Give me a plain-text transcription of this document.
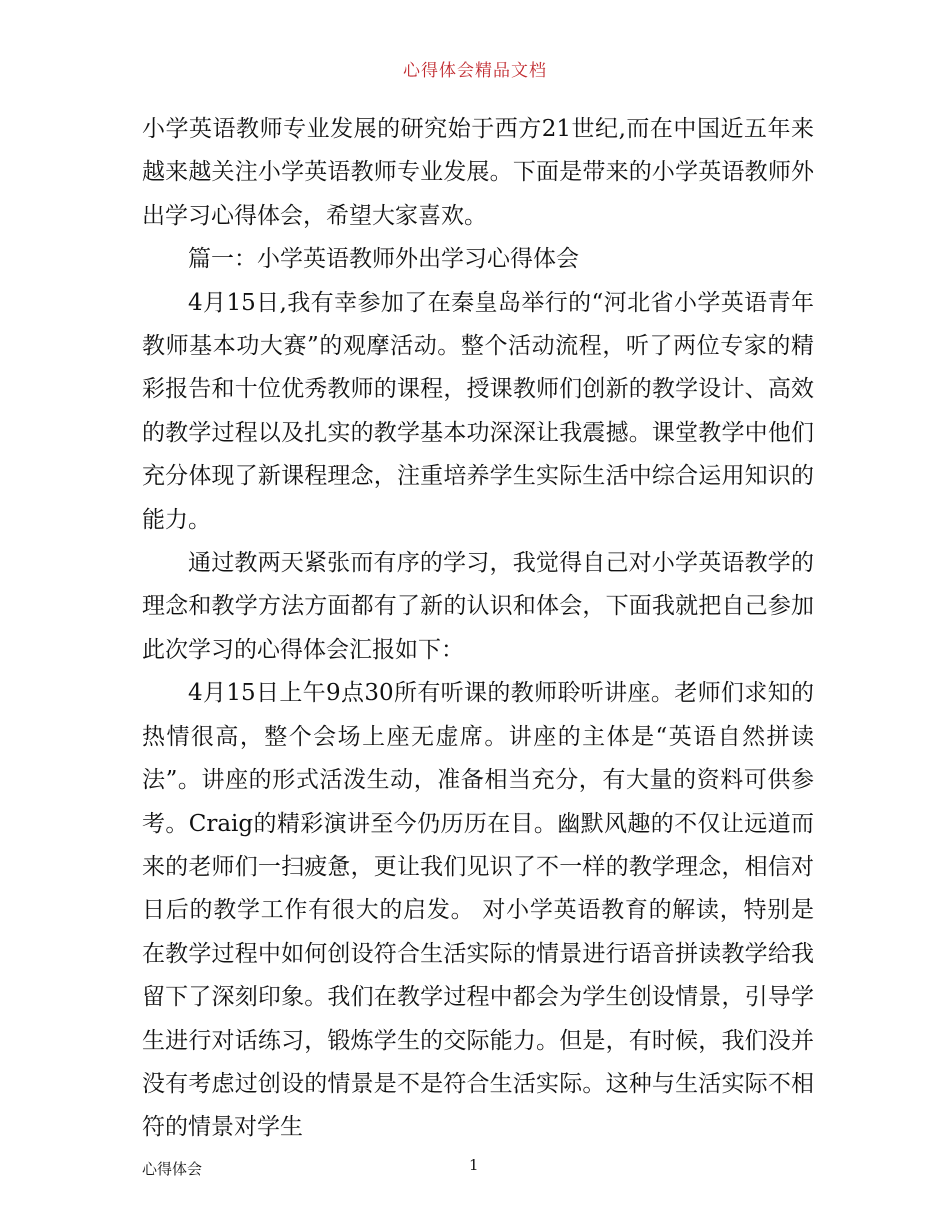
心得体会精品文档

小学英语教师专业发展的研究始于西方21世纪,而在中国近五年来越来越关注小学英语教师专业发展。下面是带来的小学英语教师外出学习心得体会，希望大家喜欢。

篇一：小学英语教师外出学习心得体会

4月15日,我有幸参加了在秦皇岛举行的“河北省小学英语青年教师基本功大赛”的观摩活动。整个活动流程，听了两位专家的精彩报告和十位优秀教师的课程，授课教师们创新的教学设计、高效的教学过程以及扎实的教学基本功深深让我震撼。课堂教学中他们充分体现了新课程理念，注重培养学生实际生活中综合运用知识的能力。

通过教两天紧张而有序的学习，我觉得自己对小学英语教学的理念和教学方法方面都有了新的认识和体会，下面我就把自己参加此次学习的心得体会汇报如下：

4月15日上午9点30所有听课的教师聆听讲座。老师们求知的热情很高，整个会场上座无虚席。讲座的主体是“英语自然拼读法”。讲座的形式活泼生动，准备相当充分，有大量的资料可供参考。Craig的精彩演讲至今仍历历在目。幽默风趣的不仅让远道而来的老师们一扫疲惫，更让我们见识了不一样的教学理念，相信对日后的教学工作有很大的启发。 对小学英语教育的解读，特别是在教学过程中如何创设符合生活实际的情景进行语音拼读教学给我留下了深刻印象。我们在教学过程中都会为学生创设情景，引导学生进行对话练习，锻炼学生的交际能力。但是，有时候，我们没并没有考虑过创设的情景是不是符合生活实际。这种与生活实际不相符的情景对学生

心得体会	1
